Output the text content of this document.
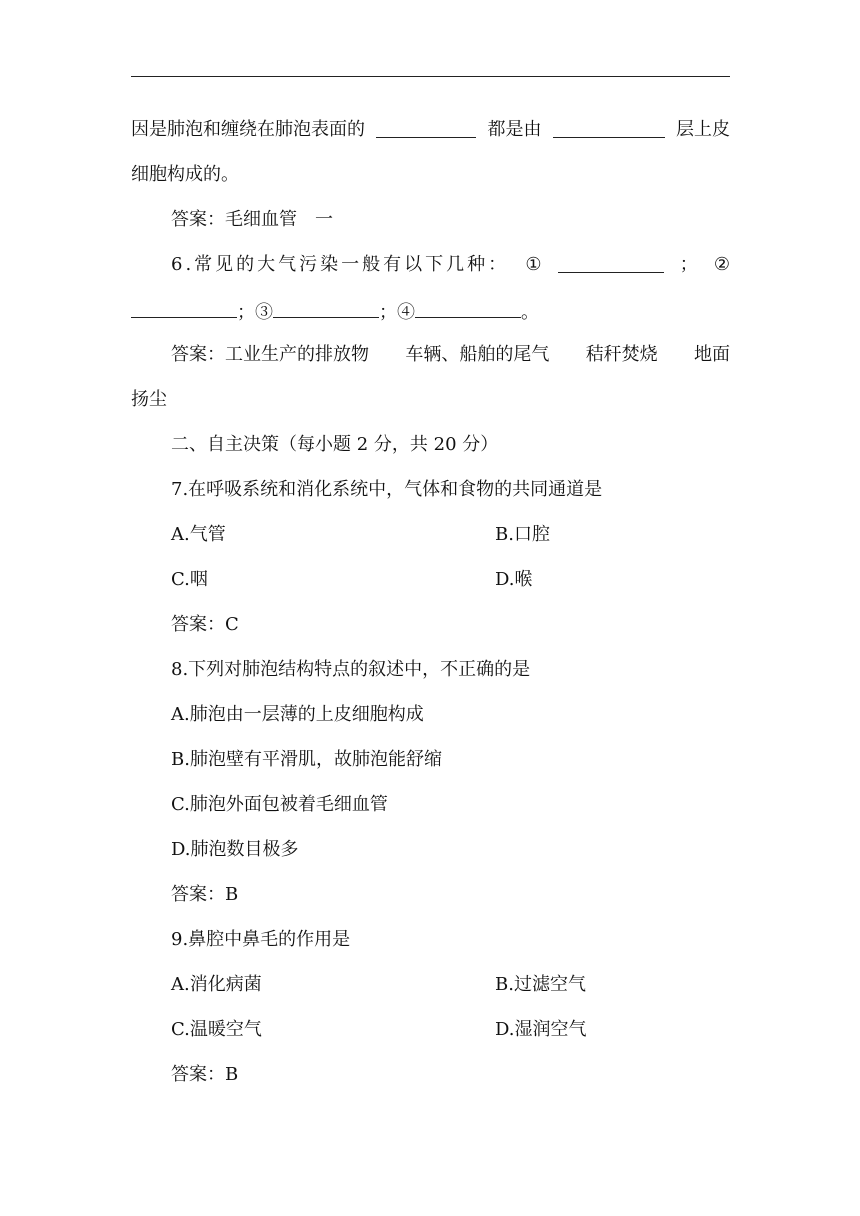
因是肺泡和缠绕在肺泡表面的	都是由	层上皮
细胞构成的。
答案：毛细血管 一
6.常见的大气污染一般有以下几种： ①	； ②
；③	；④	。
答案：工业生产的排放物 车辆、船舶的尾气 秸秆焚烧 地面
扬尘
二、自主决策（每小题 2 分，共 20 分）
7.在呼吸系统和消化系统中，气体和食物的共同通道是
A.气管	B.口腔
C.咽	D.喉
答案：C
8.下列对肺泡结构特点的叙述中，不正确的是
A.肺泡由一层薄的上皮细胞构成
B.肺泡壁有平滑肌，故肺泡能舒缩
C.肺泡外面包被着毛细血管
D.肺泡数目极多
答案：B
9.鼻腔中鼻毛的作用是
A.消化病菌	B.过滤空气
C.温暖空气	D.湿润空气
答案：B
